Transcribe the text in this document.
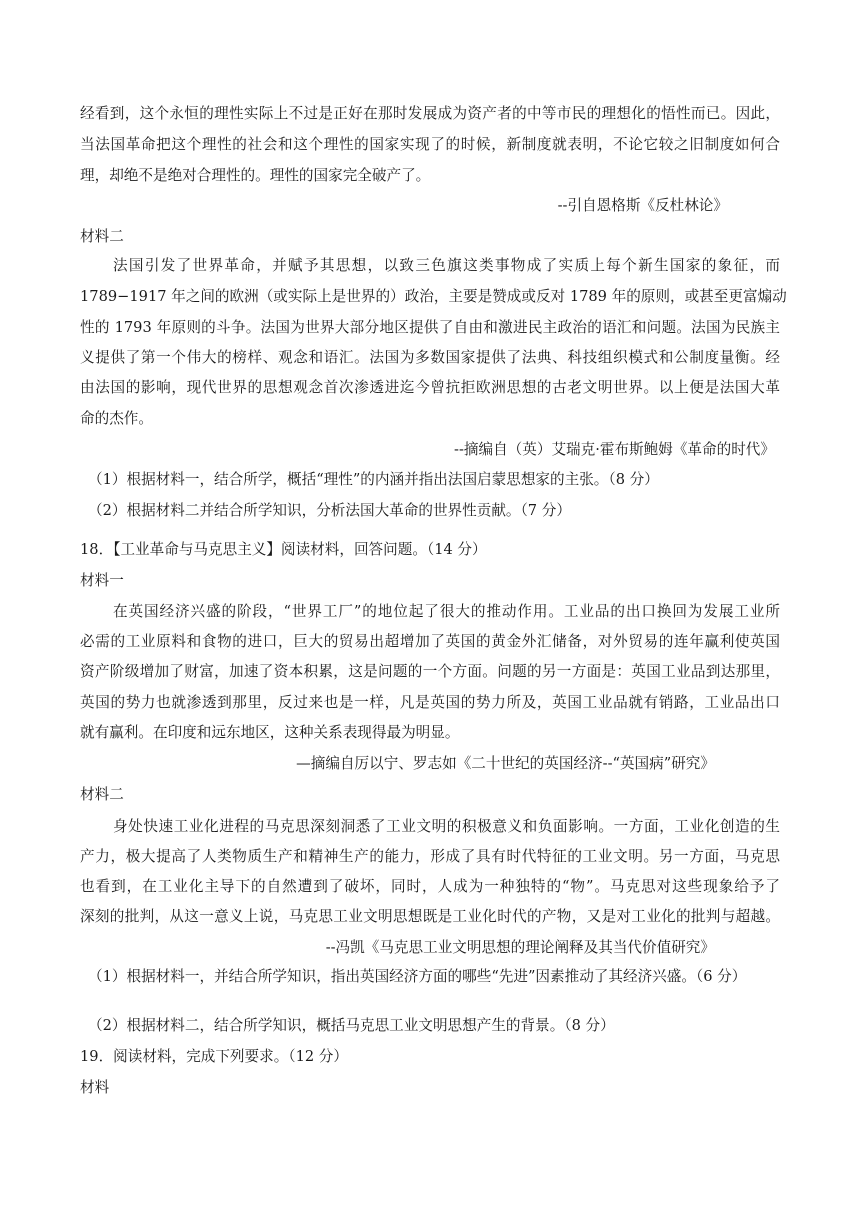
经看到，这个永恒的理性实际上不过是正好在那时发展成为资产者的中等市民的理想化的悟性而已。因此，
当法国革命把这个理性的社会和这个理性的国家实现了的时候，新制度就表明，不论它较之旧制度如何合
理，却绝不是绝对合理性的。理性的国家完全破产了。
--引自恩格斯《反杜林论》
材料二
法国引发了世界革命，并赋予其思想，以致三色旗这类事物成了实质上每个新生国家的象征，而
1789−1917 年之间的欧洲（或实际上是世界的）政治，主要是赞成或反对 1789 年的原则，或甚至更富煽动
性的 1793 年原则的斗争。法国为世界大部分地区提供了自由和激进民主政治的语汇和问题。法国为民族主
义提供了第一个伟大的榜样、观念和语汇。法国为多数国家提供了法典、科技组织模式和公制度量衡。经
由法国的影响，现代世界的思想观念首次渗透进迄今曾抗拒欧洲思想的古老文明世界。以上便是法国大革
命的杰作。
--摘编自（英）艾瑞克·霍布斯鲍姆《革命的时代》
（1）根据材料一，结合所学，概括“理性”的内涵并指出法国启蒙思想家的主张。（8 分）
（2）根据材料二并结合所学知识，分析法国大革命的世界性贡献。（7 分）
18．【工业革命与马克思主义】阅读材料，回答问题。（14 分）
材料一
在英国经济兴盛的阶段，“世界工厂”的地位起了很大的推动作用。工业品的出口换回为发展工业所
必需的工业原料和食物的进口，巨大的贸易出超增加了英国的黄金外汇储备，对外贸易的连年赢利使英国
资产阶级增加了财富，加速了资本积累，这是问题的一个方面。问题的另一方面是：英国工业品到达那里，
英国的势力也就渗透到那里，反过来也是一样，凡是英国的势力所及，英国工业品就有销路，工业品出口
就有赢利。在印度和远东地区，这种关系表现得最为明显。
—摘编自厉以宁、罗志如《二十世纪的英国经济--“英国病”研究》
材料二
身处快速工业化进程的马克思深刻洞悉了工业文明的积极意义和负面影响。一方面，工业化创造的生
产力，极大提高了人类物质生产和精神生产的能力，形成了具有时代特征的工业文明。另一方面，马克思
也看到，在工业化主导下的自然遭到了破坏，同时，人成为一种独特的“物”。马克思对这些现象给予了
深刻的批判，从这一意义上说，马克思工业文明思想既是工业化时代的产物，又是对工业化的批判与超越。
--冯凯《马克思工业文明思想的理论阐释及其当代价值研究》
（1）根据材料一，并结合所学知识，指出英国经济方面的哪些“先进”因素推动了其经济兴盛。（6 分）
（2）根据材料二，结合所学知识，概括马克思工业文明思想产生的背景。（8 分）
19．阅读材料，完成下列要求。（12 分）
材料
